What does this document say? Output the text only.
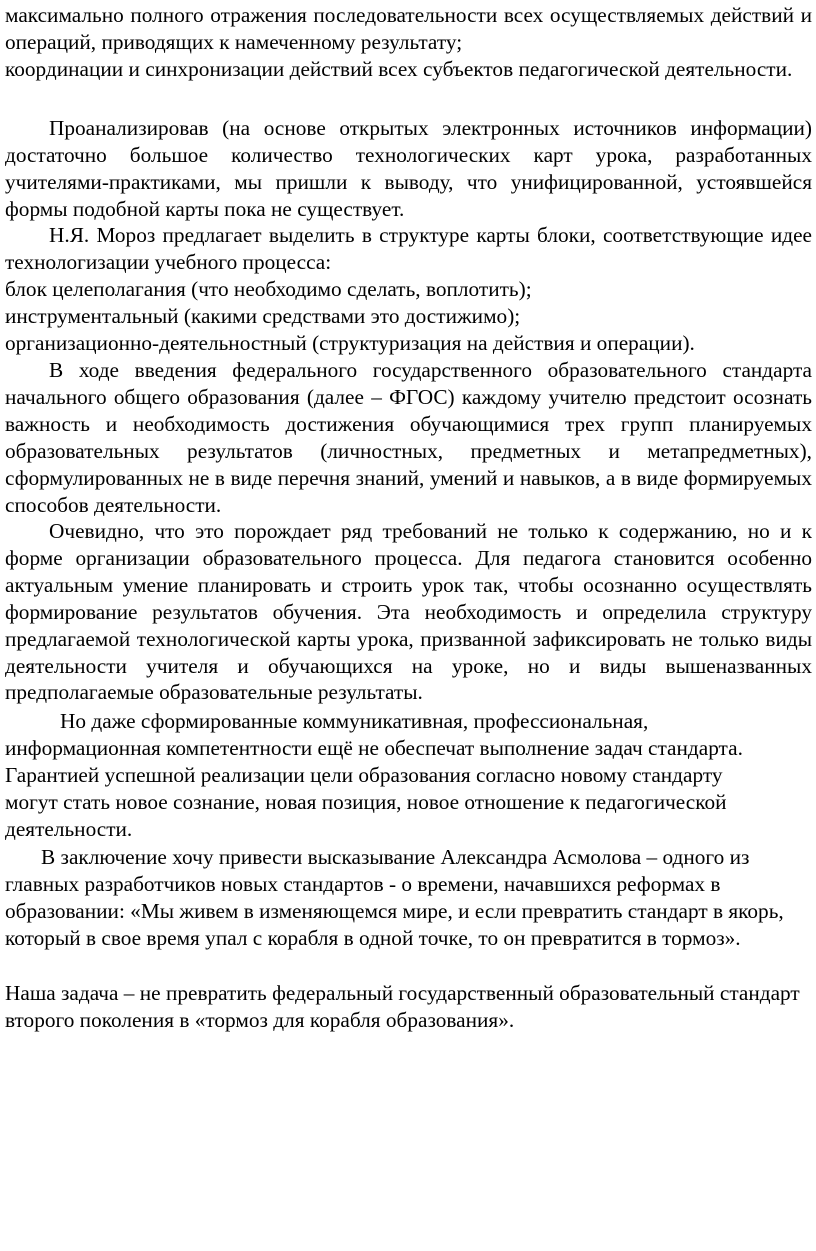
максимально полного отражения последовательности всех осуществляемых действий и операций, приводящих к намеченному результату;

координации и синхронизации действий всех субъектов педагогической деятельности.

Проанализировав (на основе открытых электронных источников информации) достаточно большое количество технологических карт урока, разработанных учителями-практиками, мы пришли к выводу, что унифицированной, устоявшейся формы подобной карты пока не существует.

Н.Я. Мороз предлагает выделить в структуре карты блоки, соответствующие идее технологизации учебного процесса:

блок целеполагания (что необходимо сделать, воплотить);

инструментальный (какими средствами это достижимо);

организационно-деятельностный (структуризация на действия и операции).

В ходе введения федерального государственного образовательного стандарта начального общего образования (далее – ФГОС) каждому учителю предстоит осознать важность и необходимость достижения обучающимися трех групп планируемых образовательных результатов (личностных, предметных и метапредметных), сформулированных не в виде перечня знаний, умений и навыков, а в виде формируемых способов деятельности.

Очевидно, что это порождает ряд требований не только к содержанию, но и к форме организации образовательного процесса. Для педагога становится особенно актуальным умение планировать и строить урок так, чтобы осознанно осуществлять формирование результатов обучения. Эта необходимость и определила структуру предлагаемой технологической карты урока, призванной зафиксировать не только виды деятельности учителя и обучающихся на уроке, но и виды вышеназванных предполагаемые образовательные результаты.

Но даже сформированные коммуникативная, профессиональная, информационная компетентности ещё не обеспечат выполнение задач стандарта. Гарантией успешной реализации цели образования согласно новому стандарту могут стать новое сознание, новая позиция, новое отношение к педагогической деятельности.

В заключение хочу привести высказывание Александра Асмолова – одного из главных разработчиков новых стандартов - о времени, начавшихся реформах в образовании: «Мы живем в изменяющемся мире, и если превратить стандарт в якорь, который в свое время упал с корабля в одной точке, то он превратится в тормоз».

Наша задача – не превратить федеральный государственный образовательный стандарт второго поколения в «тормоз для корабля образования».
